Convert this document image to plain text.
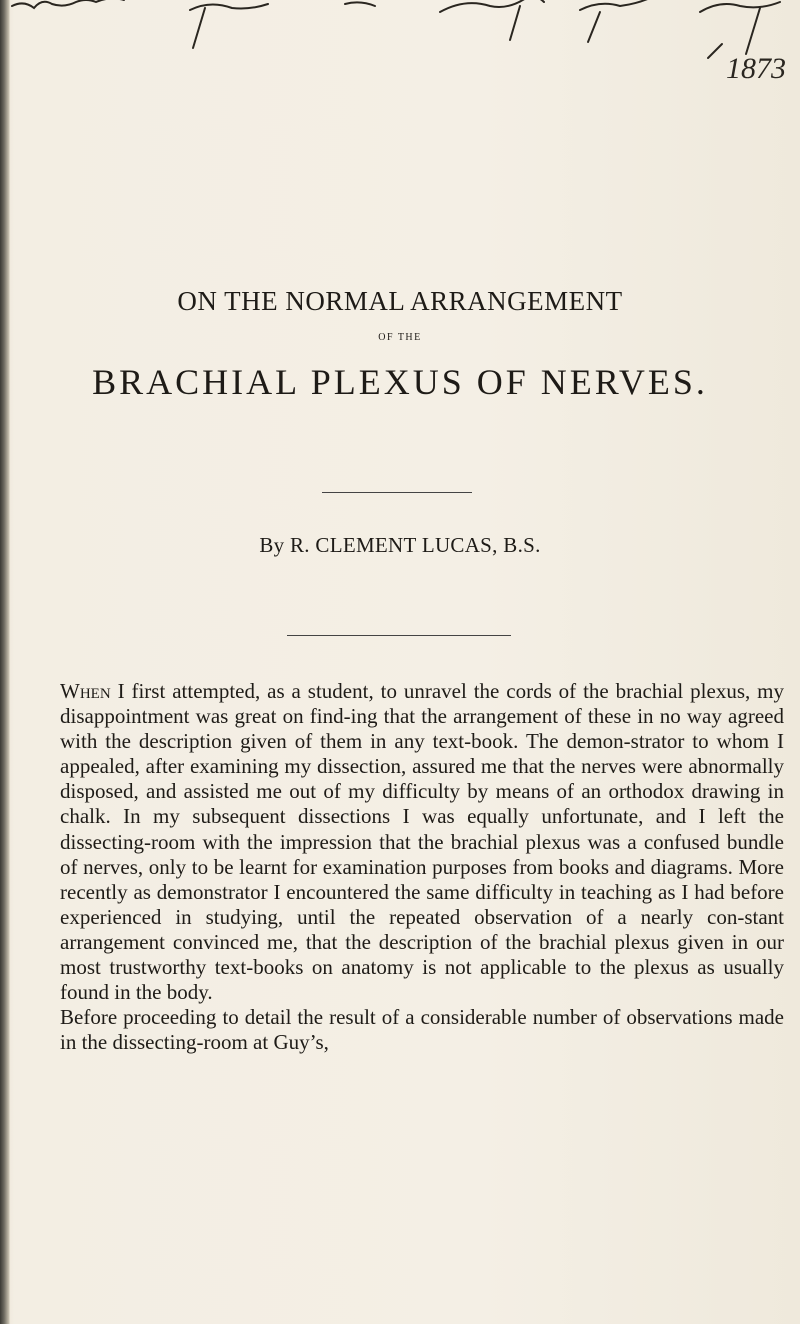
1873
ON THE NORMAL ARRANGEMENT
OF THE
BRACHIAL PLEXUS OF NERVES.
By R. CLEMENT LUCAS, B.S.

When I first attempted, as a student, to unravel the cords of the brachial plexus, my disappointment was great on find-ing that the arrangement of these in no way agreed with the description given of them in any text-book. The demon-strator to whom I appealed, after examining my dissection, assured me that the nerves were abnormally disposed, and assisted me out of my difficulty by means of an orthodox drawing in chalk. In my subsequent dissections I was equally unfortunate, and I left the dissecting-room with the impression that the brachial plexus was a confused bundle of nerves, only to be learnt for examination purposes from books and diagrams. More recently as demonstrator I encountered the same difficulty in teaching as I had before experienced in studying, until the repeated observation of a nearly con-stant arrangement convinced me, that the description of the brachial plexus given in our most trustworthy text-books on anatomy is not applicable to the plexus as usually found in the body.

Before proceeding to detail the result of a considerable number of observations made in the dissecting-room at Guy’s,
